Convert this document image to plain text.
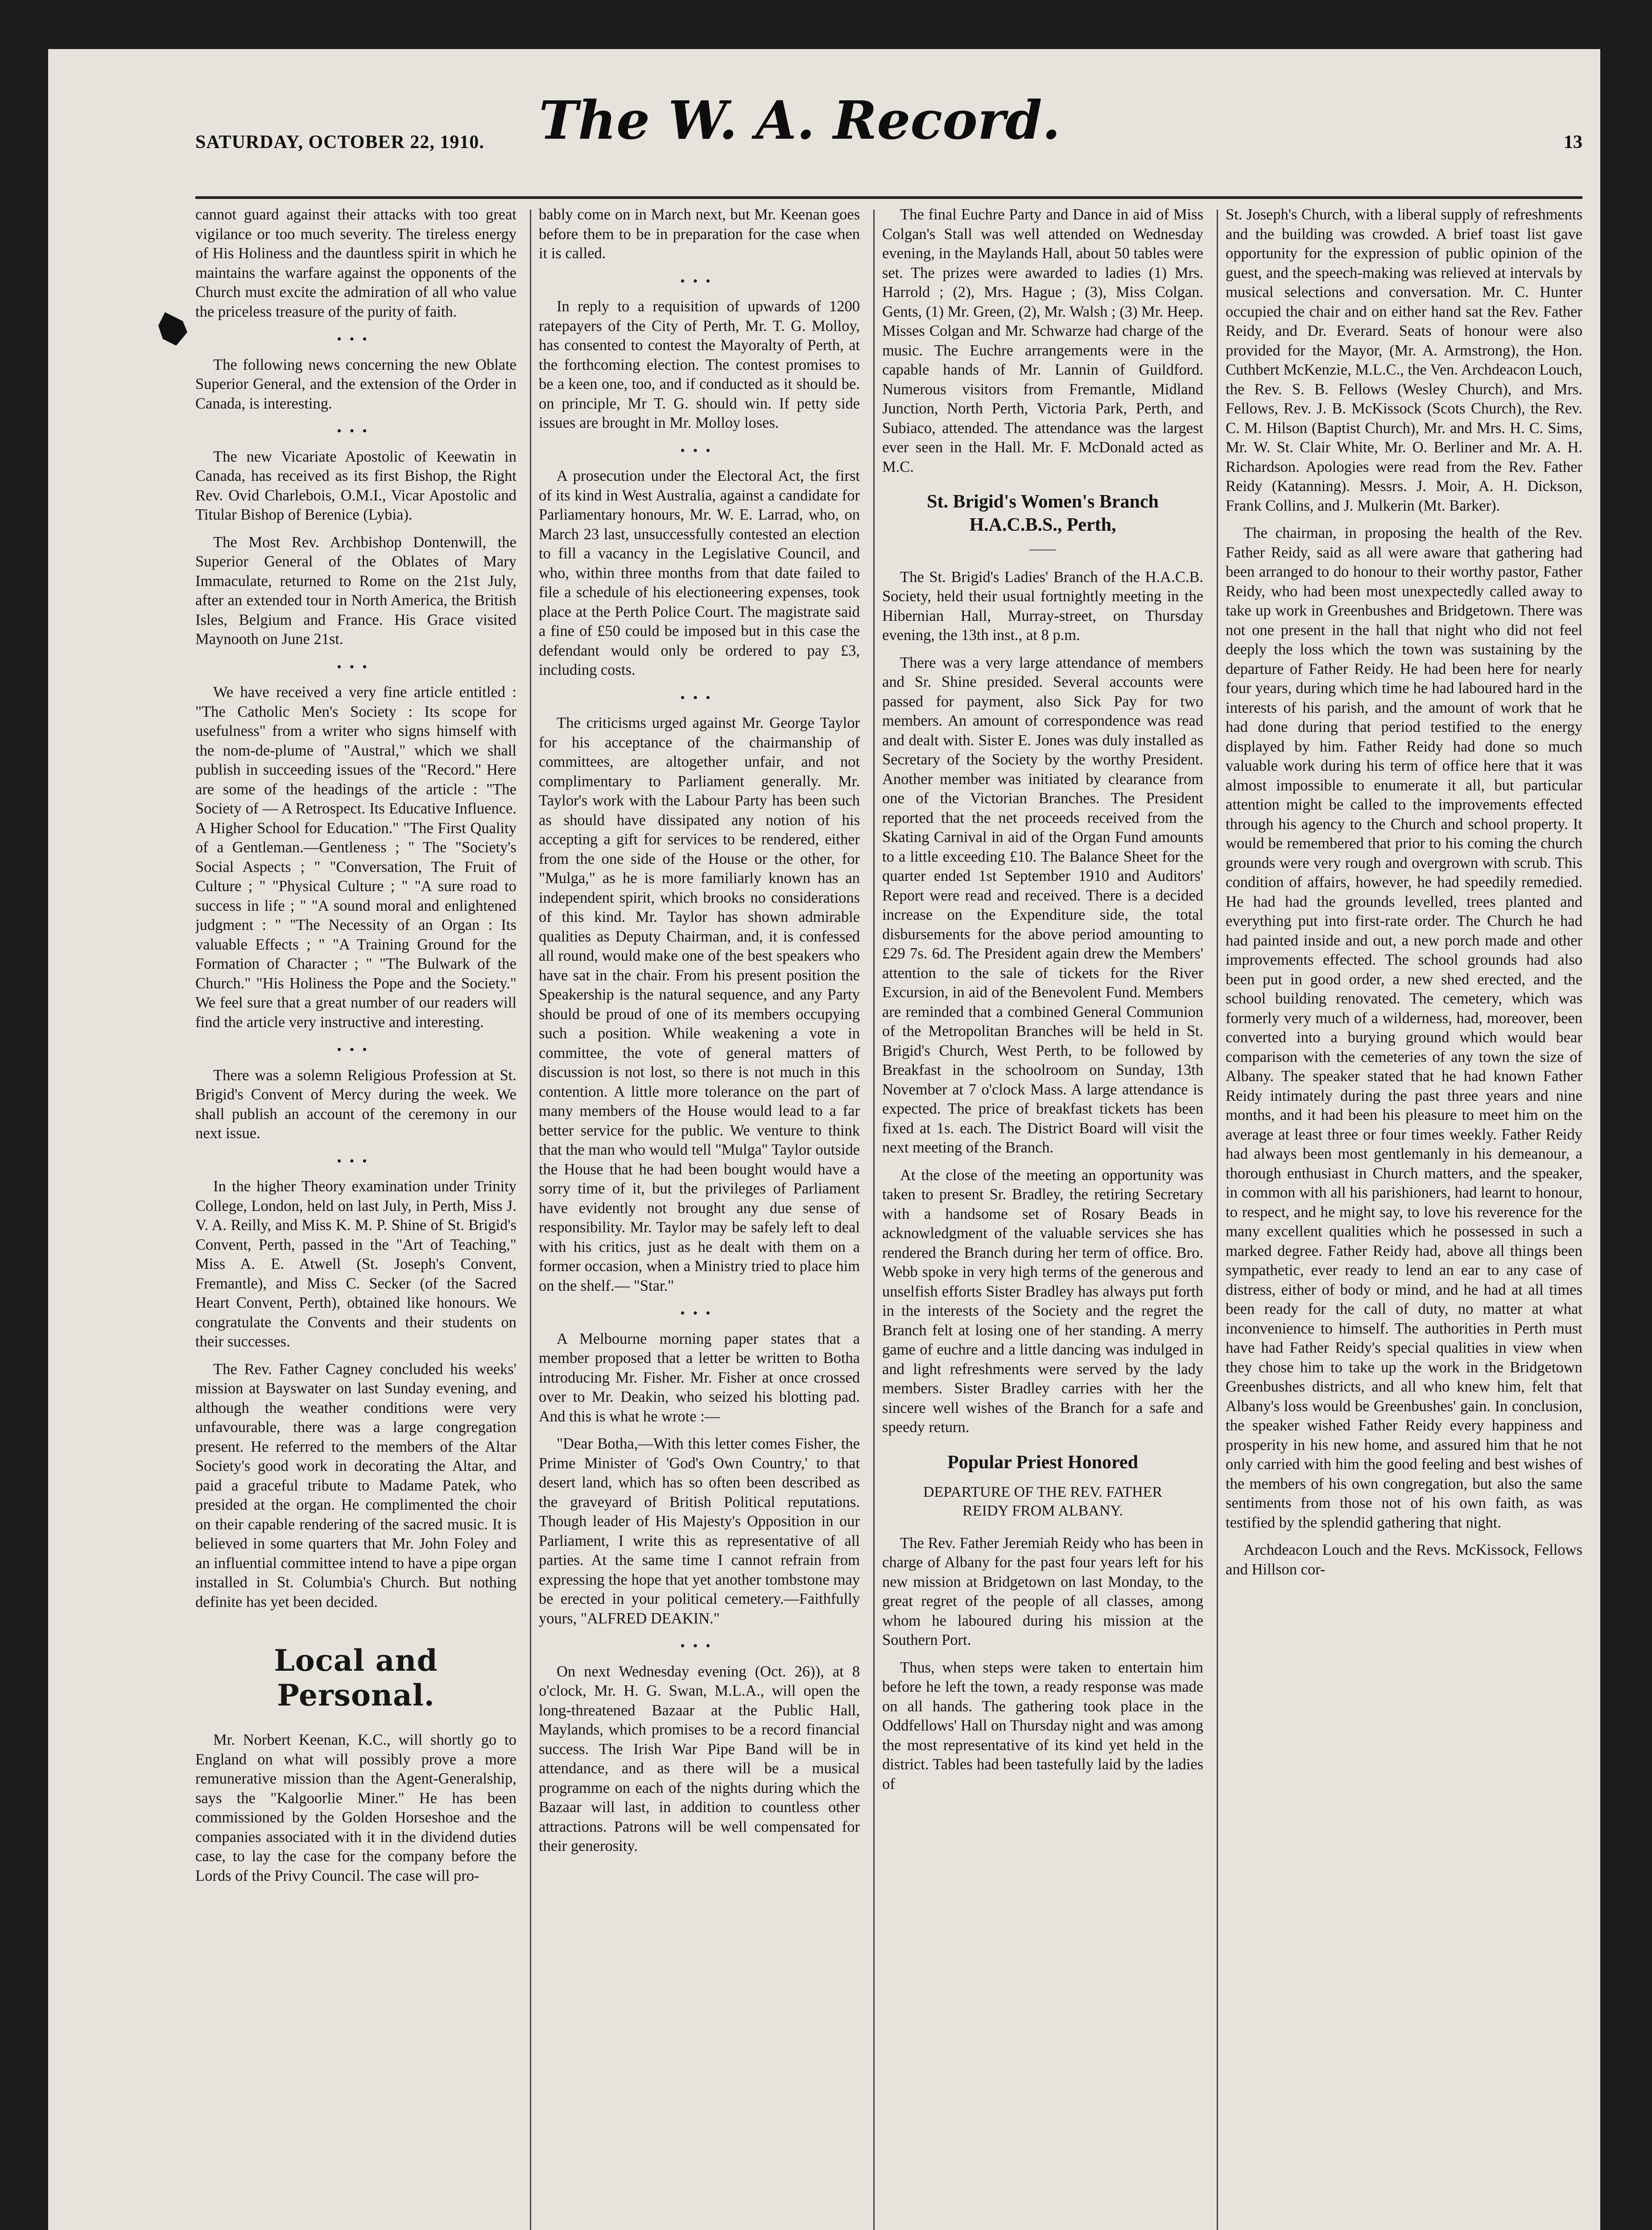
SATURDAY, OCTOBER 22, 1910.	The W. A. Record.	13

cannot guard against their attacks with too great vigilance or too much severity. The tireless energy of His Holiness and the dauntless spirit in which he maintains the warfare against the opponents of the Church must excite the admiration of all who value the priceless treasure of the purity of faith.

•••

The following news concerning the new Oblate Superior General, and the extension of the Order in Canada, is interesting.

•••

The new Vicariate Apostolic of Keewatin in Canada, has received as its first Bishop, the Right Rev. Ovid Charlebois, O.M.I., Vicar Apostolic and Titular Bishop of Berenice (Lybia).

The Most Rev. Archbishop Dontenwill, the Superior General of the Oblates of Mary Immaculate, returned to Rome on the 21st July, after an extended tour in North America, the British Isles, Belgium and France. His Grace visited Maynooth on June 21st.

•••

We have received a very fine article entitled : "The Catholic Men's Society : Its scope for usefulness" from a writer who signs himself with the nom-de-plume of "Austral," which we shall publish in succeeding issues of the "Record." Here are some of the headings of the article : "The Society of — A Retrospect. Its Educative Influence. A Higher School for Education." "The First Quality of a Gentleman.—Gentleness ; " The "Society's Social Aspects ; " "Conversation, The Fruit of Culture ; " "Physical Culture ; " "A sure road to success in life ; " "A sound moral and enlightened judgment : " "The Necessity of an Organ : Its valuable Effects ; " "A Training Ground for the Formation of Character ; " "The Bulwark of the Church." "His Holiness the Pope and the Society." We feel sure that a great number of our readers will find the article very instructive and interesting.

•••

There was a solemn Religious Profession at St. Brigid's Convent of Mercy during the week. We shall publish an account of the ceremony in our next issue.

•••

In the higher Theory examination under Trinity College, London, held on last July, in Perth, Miss J. V. A. Reilly, and Miss K. M. P. Shine of St. Brigid's Convent, Perth, passed in the "Art of Teaching," Miss A. E. Atwell (St. Joseph's Convent, Fremantle), and Miss C. Secker (of the Sacred Heart Convent, Perth), obtained like honours. We congratulate the Convents and their students on their successes.

The Rev. Father Cagney concluded his weeks' mission at Bayswater on last Sunday evening, and although the weather conditions were very unfavourable, there was a large congregation present. He referred to the members of the Altar Society's good work in decorating the Altar, and paid a graceful tribute to Madame Patek, who presided at the organ. He complimented the choir on their capable rendering of the sacred music. It is believed in some quarters that Mr. John Foley and an influential committee intend to have a pipe organ installed in St. Columbia's Church. But nothing definite has yet been decided.

Local and Personal.

Mr. Norbert Keenan, K.C., will shortly go to England on what will possibly prove a more remunerative mission than the Agent-Generalship, says the "Kalgoorlie Miner." He has been commissioned by the Golden Horseshoe and the companies associated with it in the dividend duties case, to lay the case for the company before the Lords of the Privy Council. The case will pro-

bably come on in March next, but Mr. Keenan goes before them to be in preparation for the case when it is called.

•••

In reply to a requisition of upwards of 1200 ratepayers of the City of Perth, Mr. T. G. Molloy, has consented to contest the Mayoralty of Perth, at the forthcoming election. The contest promises to be a keen one, too, and if conducted as it should be. on principle, Mr T. G. should win. If petty side issues are brought in Mr. Molloy loses.

•••

A prosecution under the Electoral Act, the first of its kind in West Australia, against a candidate for Parliamentary honours, Mr. W. E. Larrad, who, on March 23 last, unsuccessfully contested an election to fill a vacancy in the Legislative Council, and who, within three months from that date failed to file a schedule of his electioneering expenses, took place at the Perth Police Court. The magistrate said a fine of £50 could be imposed but in this case the defendant would only be ordered to pay £3, including costs.

•••

The criticisms urged against Mr. George Taylor for his acceptance of the chairmanship of committees, are altogether unfair, and not complimentary to Parliament generally. Mr. Taylor's work with the Labour Party has been such as should have dissipated any notion of his accepting a gift for services to be rendered, either from the one side of the House or the other, for "Mulga," as he is more familiarly known has an independent spirit, which brooks no considerations of this kind. Mr. Taylor has shown admirable qualities as Deputy Chairman, and, it is confessed all round, would make one of the best speakers who have sat in the chair. From his present position the Speakership is the natural sequence, and any Party should be proud of one of its members occupying such a position. While weakening a vote in committee, the vote of general matters of discussion is not lost, so there is not much in this contention. A little more tolerance on the part of many members of the House would lead to a far better service for the public. We venture to think that the man who would tell "Mulga" Taylor outside the House that he had been bought would have a sorry time of it, but the privileges of Parliament have evidently not brought any due sense of responsibility. Mr. Taylor may be safely left to deal with his critics, just as he dealt with them on a former occasion, when a Ministry tried to place him on the shelf.— "Star."

•••

A Melbourne morning paper states that a member proposed that a letter be written to Botha introducing Mr. Fisher. Mr. Fisher at once crossed over to Mr. Deakin, who seized his blotting pad. And this is what he wrote :—

"Dear Botha,—With this letter comes Fisher, the Prime Minister of 'God's Own Country,' to that desert land, which has so often been described as the graveyard of British Political reputations. Though leader of His Majesty's Opposition in our Parliament, I write this as representative of all parties. At the same time I cannot refrain from expressing the hope that yet another tombstone may be erected in your political cemetery.—Faithfully yours, "ALFRED DEAKIN."

•••

On next Wednesday evening (Oct. 26)), at 8 o'clock, Mr. H. G. Swan, M.L.A., will open the long-threatened Bazaar at the Public Hall, Maylands, which promises to be a record financial success. The Irish War Pipe Band will be in attendance, and as there will be a musical programme on each of the nights during which the Bazaar will last, in addition to countless other attractions. Patrons will be well compensated for their generosity.

The final Euchre Party and Dance in aid of Miss Colgan's Stall was well attended on Wednesday evening, in the Maylands Hall, about 50 tables were set. The prizes were awarded to ladies (1) Mrs. Harrold ; (2), Mrs. Hague ; (3), Miss Colgan. Gents, (1) Mr. Green, (2), Mr. Walsh ; (3) Mr. Heep. Misses Colgan and Mr. Schwarze had charge of the music. The Euchre arrangements were in the capable hands of Mr. Lannin of Guildford. Numerous visitors from Fremantle, Midland Junction, North Perth, Victoria Park, Perth, and Subiaco, attended. The attendance was the largest ever seen in the Hall. Mr. F. McDonald acted as M.C.

St. Brigid's Women's Branch H.A.C.B.S., Perth,
——

The St. Brigid's Ladies' Branch of the H.A.C.B. Society, held their usual fortnightly meeting in the Hibernian Hall, Murray-street, on Thursday evening, the 13th inst., at 8 p.m.

There was a very large attendance of members and Sr. Shine presided. Several accounts were passed for payment, also Sick Pay for two members. An amount of correspondence was read and dealt with. Sister E. Jones was duly installed as Secretary of the Society by the worthy President. Another member was initiated by clearance from one of the Victorian Branches. The President reported that the net proceeds received from the Skating Carnival in aid of the Organ Fund amounts to a little exceeding £10. The Balance Sheet for the quarter ended 1st September 1910 and Auditors' Report were read and received. There is a decided increase on the Expenditure side, the total disbursements for the above period amounting to £29 7s. 6d. The President again drew the Members' attention to the sale of tickets for the River Excursion, in aid of the Benevolent Fund. Members are reminded that a combined General Communion of the Metropolitan Branches will be held in St. Brigid's Church, West Perth, to be followed by Breakfast in the schoolroom on Sunday, 13th November at 7 o'clock Mass. A large attendance is expected. The price of breakfast tickets has been fixed at 1s. each. The District Board will visit the next meeting of the Branch.

At the close of the meeting an opportunity was taken to present Sr. Bradley, the retiring Secretary with a handsome set of Rosary Beads in acknowledgment of the valuable services she has rendered the Branch during her term of office. Bro. Webb spoke in very high terms of the generous and unselfish efforts Sister Bradley has always put forth in the interests of the Society and the regret the Branch felt at losing one of her standing. A merry game of euchre and a little dancing was indulged in and light refreshments were served by the lady members. Sister Bradley carries with her the sincere well wishes of the Branch for a safe and speedy return.

Popular Priest Honored
DEPARTURE OF THE REV. FATHER REIDY FROM ALBANY.

The Rev. Father Jeremiah Reidy who has been in charge of Albany for the past four years left for his new mission at Bridgetown on last Monday, to the great regret of the people of all classes, among whom he laboured during his mission at the Southern Port.

Thus, when steps were taken to entertain him before he left the town, a ready response was made on all hands. The gathering took place in the Oddfellows' Hall on Thursday night and was among the most representative of its kind yet held in the district. Tables had been tastefully laid by the ladies of

St. Joseph's Church, with a liberal supply of refreshments and the building was crowded. A brief toast list gave opportunity for the expression of public opinion of the guest, and the speech-making was relieved at intervals by musical selections and conversation. Mr. C. Hunter occupied the chair and on either hand sat the Rev. Father Reidy, and Dr. Everard. Seats of honour were also provided for the Mayor, (Mr. A. Armstrong), the Hon. Cuthbert McKenzie, M.L.C., the Ven. Archdeacon Louch, the Rev. S. B. Fellows (Wesley Church), and Mrs. Fellows, Rev. J. B. McKissock (Scots Church), the Rev. C. M. Hilson (Baptist Church), Mr. and Mrs. H. C. Sims, Mr. W. St. Clair White, Mr. O. Berliner and Mr. A. H. Richardson. Apologies were read from the Rev. Father Reidy (Katanning). Messrs. J. Moir, A. H. Dickson, Frank Collins, and J. Mulkerin (Mt. Barker).

The chairman, in proposing the health of the Rev. Father Reidy, said as all were aware that gathering had been arranged to do honour to their worthy pastor, Father Reidy, who had been most unexpectedly called away to take up work in Greenbushes and Bridgetown. There was not one present in the hall that night who did not feel deeply the loss which the town was sustaining by the departure of Father Reidy. He had been here for nearly four years, during which time he had laboured hard in the interests of his parish, and the amount of work that he had done during that period testified to the energy displayed by him. Father Reidy had done so much valuable work during his term of office here that it was almost impossible to enumerate it all, but particular attention might be called to the improvements effected through his agency to the Church and school property. It would be remembered that prior to his coming the church grounds were very rough and overgrown with scrub. This condition of affairs, however, he had speedily remedied. He had had the grounds levelled, trees planted and everything put into first-rate order. The Church he had had painted inside and out, a new porch made and other improvements effected. The school grounds had also been put in good order, a new shed erected, and the school building renovated. The cemetery, which was formerly very much of a wilderness, had, moreover, been converted into a burying ground which would bear comparison with the cemeteries of any town the size of Albany. The speaker stated that he had known Father Reidy intimately during the past three years and nine months, and it had been his pleasure to meet him on the average at least three or four times weekly. Father Reidy had always been most gentlemanly in his demeanour, a thorough enthusiast in Church matters, and the speaker, in common with all his parishioners, had learnt to honour, to respect, and he might say, to love his reverence for the many excellent qualities which he possessed in such a marked degree. Father Reidy had, above all things been sympathetic, ever ready to lend an ear to any case of distress, either of body or mind, and he had at all times been ready for the call of duty, no matter at what inconvenience to himself. The authorities in Perth must have had Father Reidy's special qualities in view when they chose him to take up the work in the Bridgetown Greenbushes districts, and all who knew him, felt that Albany's loss would be Greenbushes' gain. In conclusion, the speaker wished Father Reidy every happiness and prosperity in his new home, and assured him that he not only carried with him the good feeling and best wishes of the members of his own congregation, but also the same sentiments from those not of his own faith, as was testified by the splendid gathering that night.

Archdeacon Louch and the Revs. McKissock, Fellows and Hillson cor-
